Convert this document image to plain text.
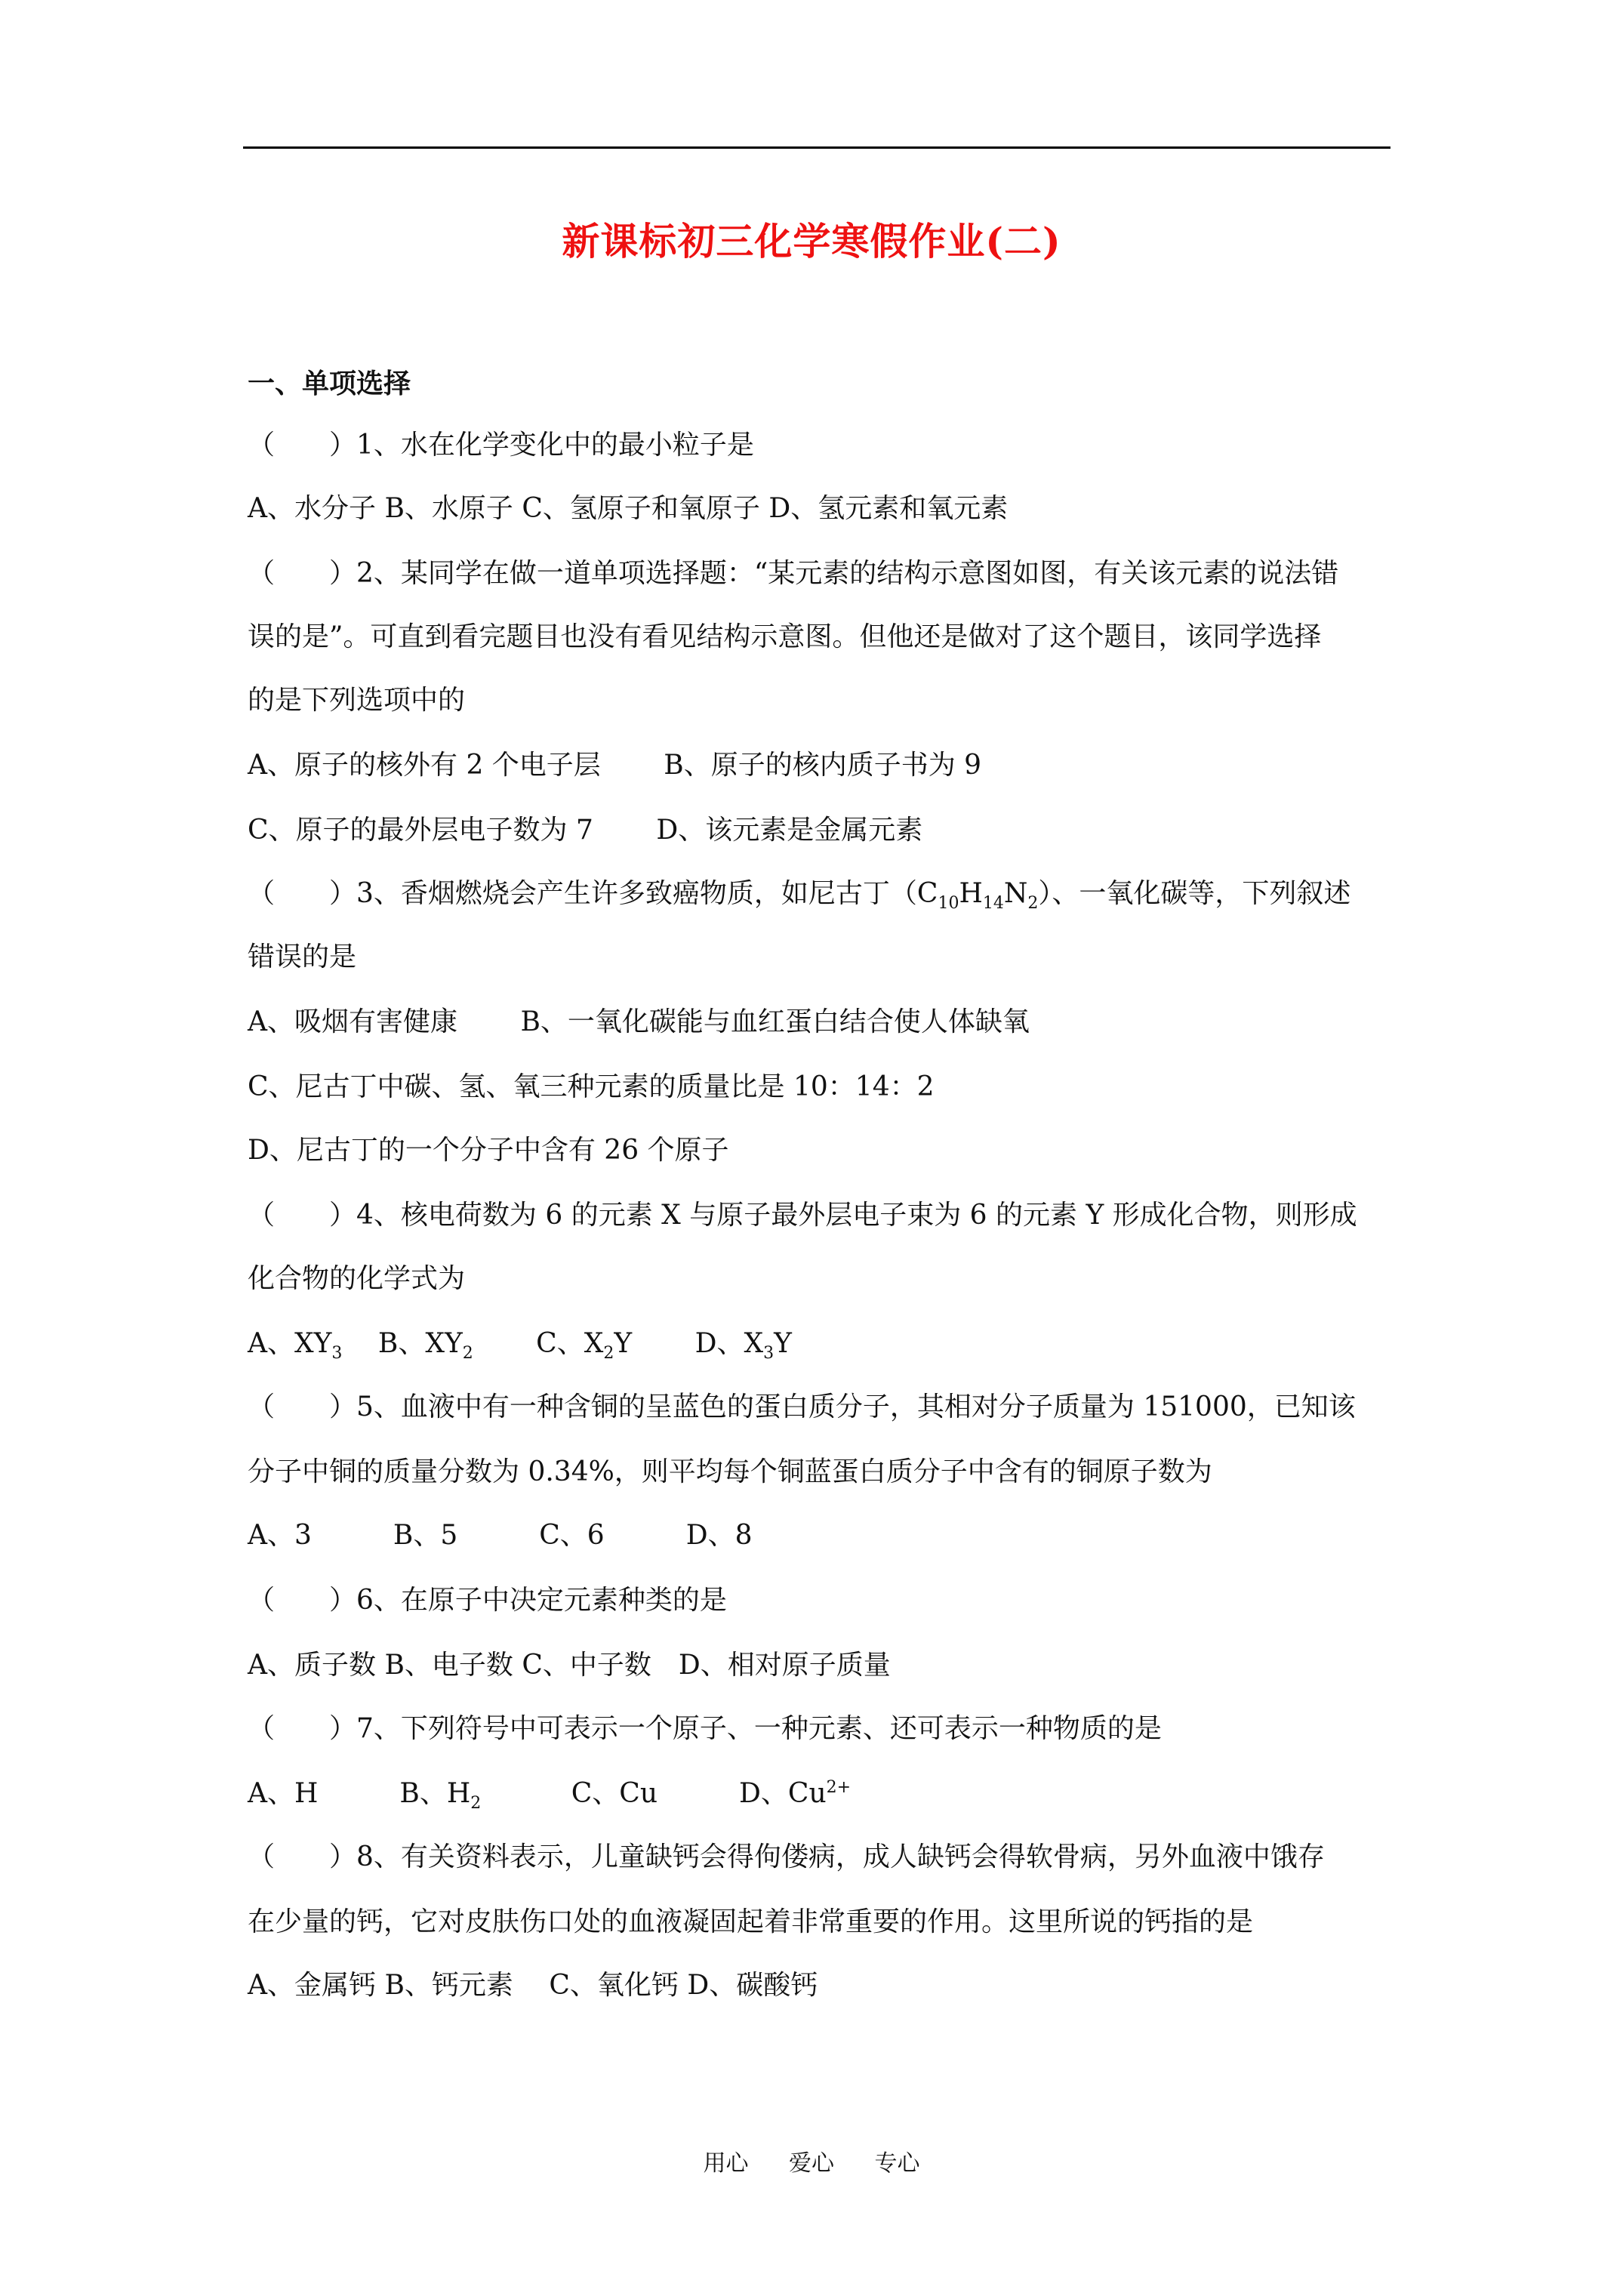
新课标初三化学寒假作业(二)
一、单项选择
（　　）1、水在化学变化中的最小粒子是
A、水分子 B、水原子 C、氢原子和氧原子 D、氢元素和氧元素
（　　）2、某同学在做一道单项选择题：“某元素的结构示意图如图，有关该元素的说法错
误的是”。可直到看完题目也没有看见结构示意图。但他还是做对了这个题目，该同学选择
的是下列选项中的
A、原子的核外有 2 个电子层　　 B、原子的核内质子书为 9
C、原子的最外层电子数为 7　　 D、该元素是金属元素
（　　）3、香烟燃烧会产生许多致癌物质，如尼古丁$(C_{10}H_{14}N_2)$、一氧化碳等，下列叙述
错误的是
A、吸烟有害健康　　 B、一氧化碳能与血红蛋白结合使人体缺氧
C、尼古丁中碳、氢、氧三种元素的质量比是 10：14：2
D、尼古丁的一个分子中含有 26 个原子
（　　）4、核电荷数为 6 的元素 X 与原子最外层电子束为 6 的元素 Y 形成化合物，则形成
化合物的化学式为
A、$XY_3$　 B、$XY_2$　　 C、$X_2Y$　　 D、$X_3Y$
（　　）5、血液中有一种含铜的呈蓝色的蛋白质分子，其相对分子质量为 151000，已知该
分子中铜的质量分数为 0.34%，则平均每个铜蓝蛋白质分子中含有的铜原子数为
A、3　　　B、5　　　C、6　　　D、8
（　　）6、在原子中决定元素种类的是
A、质子数 B、电子数 C、中子数　D、相对原子质量
（　　）7、下列符号中可表示一个原子、一种元素、还可表示一种物质的是
A、H　　　	B、$H_2$　　　	C、Cu　　　	D、$Cu^{2+}$
（　　）8、有关资料表示，儿童缺钙会得佝偻病，成人缺钙会得软骨病，另外血液中饿存
在少量的钙，它对皮肤伤口处的血液凝固起着非常重要的作用。这里所说的钙指的是
A、金属钙 B、钙元素　 C、氧化钙 D、碳酸钙
用心 爱心 专心
